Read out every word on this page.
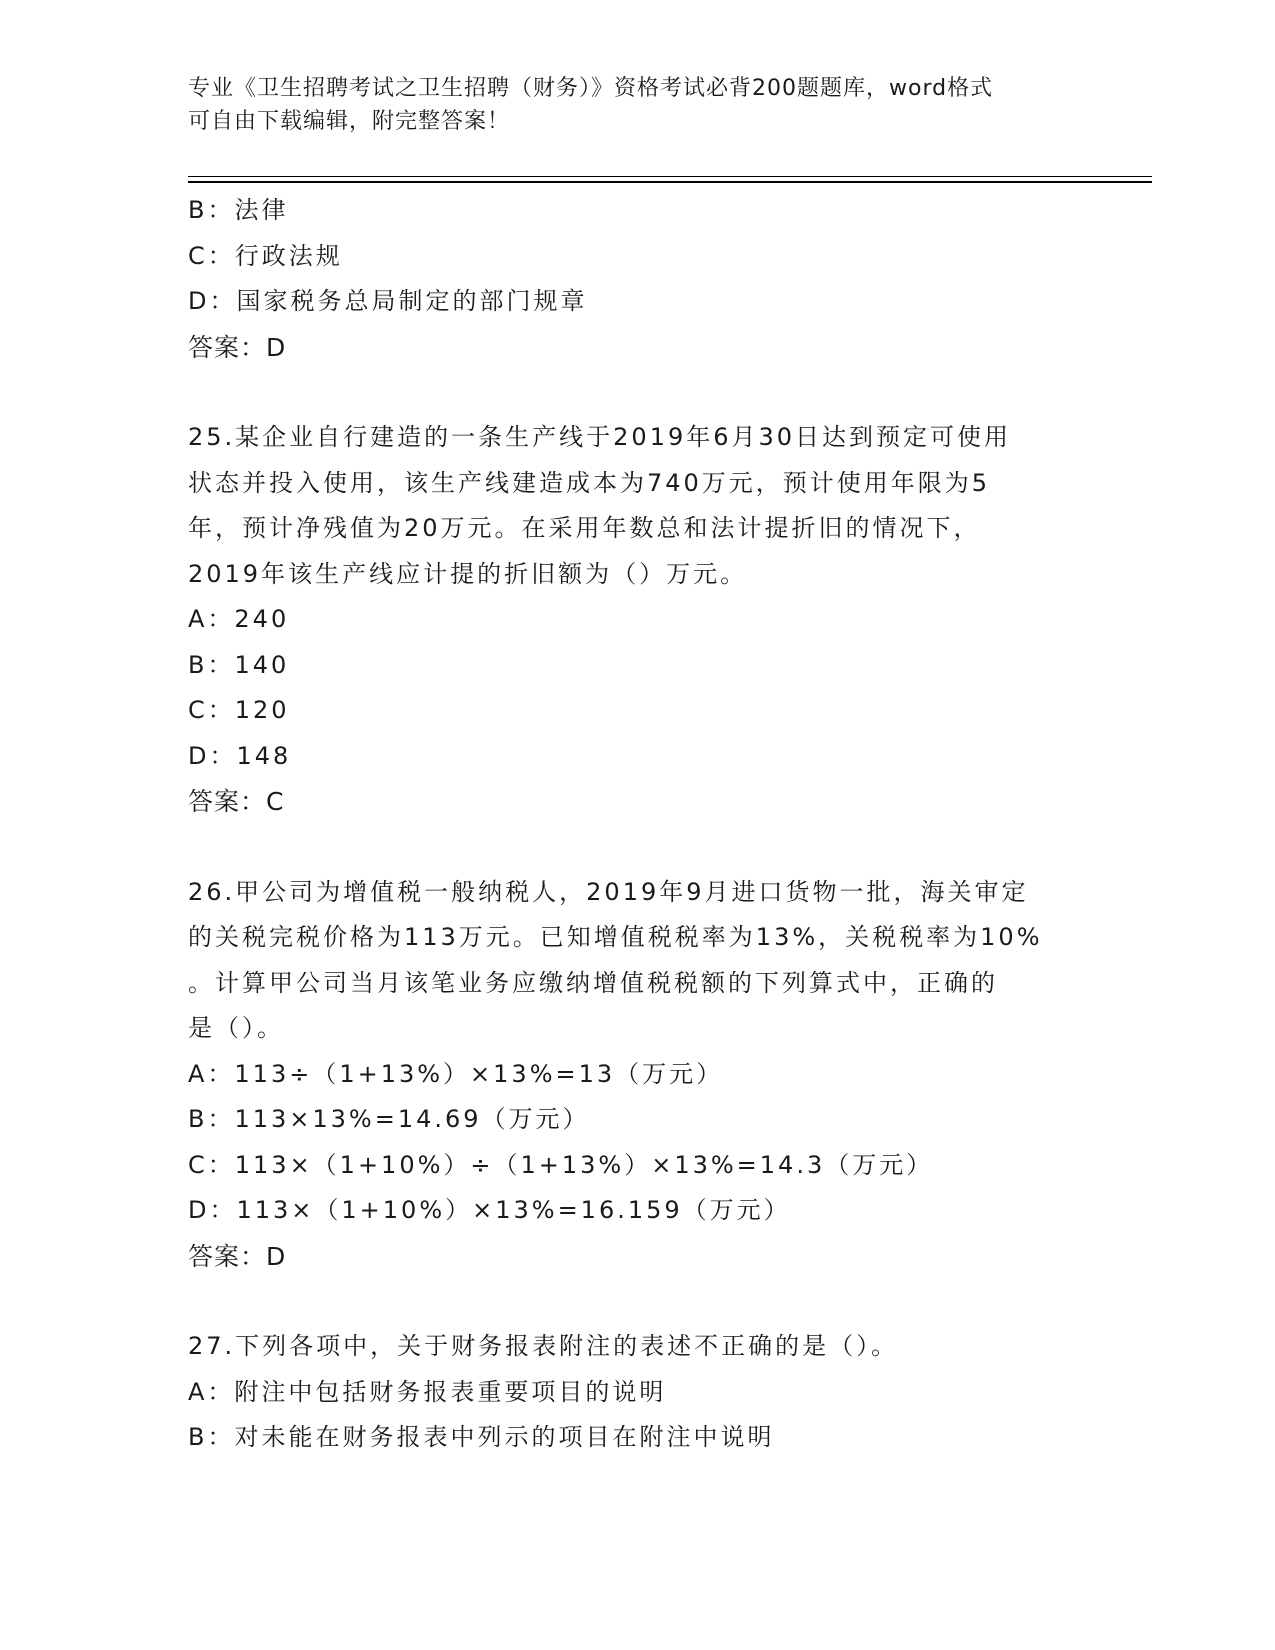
专业《卫生招聘考试之卫生招聘（财务）》资格考试必背200题题库，word格式
可自由下载编辑，附完整答案！
B：法律
C：行政法规
D：国家税务总局制定的部门规章
答案：D
25.某企业自行建造的一条生产线于2019年6月30日达到预定可使用
状态并投入使用，该生产线建造成本为740万元，预计使用年限为5
年，预计净残值为20万元。在采用年数总和法计提折旧的情况下，
2019年该生产线应计提的折旧额为（）万元。
A：240
B：140
C：120
D：148
答案：C
26.甲公司为增值税一般纳税人，2019年9月进口货物一批，海关审定
的关税完税价格为113万元。已知增值税税率为13%，关税税率为10%
。计算甲公司当月该笔业务应缴纳增值税税额的下列算式中，正确的
是（）。
A：113÷（1+13%）×13%=13（万元）
B：113×13%=14.69（万元）
C：113×（1+10%）÷（1+13%）×13%=14.3（万元）
D：113×（1+10%）×13%=16.159（万元）
答案：D
27.下列各项中，关于财务报表附注的表述不正确的是（）。
A：附注中包括财务报表重要项目的说明
B：对未能在财务报表中列示的项目在附注中说明
